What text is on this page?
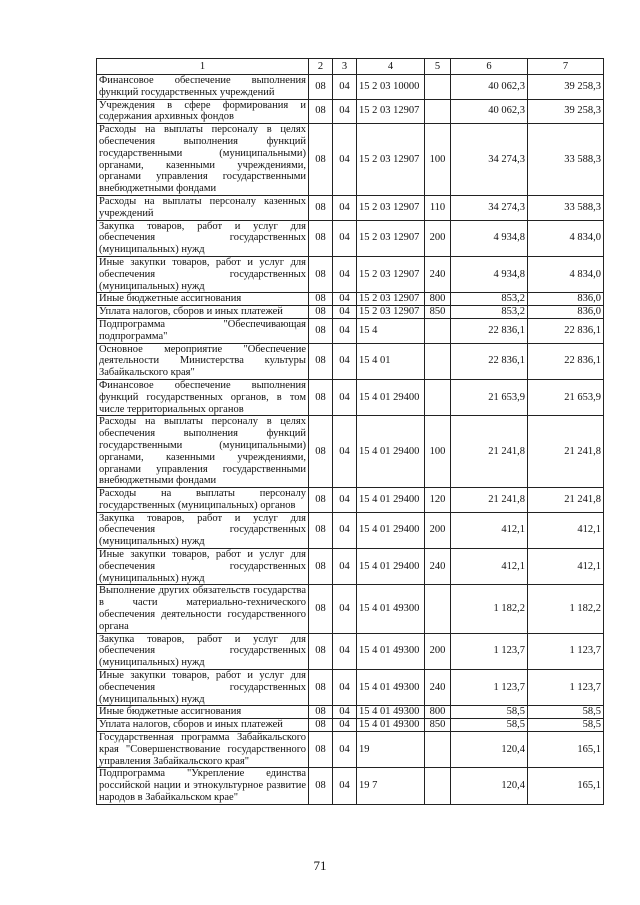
1	2	3	4	5	6	7
Финансовое обеспечение выполнения функций государственных учреждений	08	04	15 2 03 10000		40 062,3	39 258,3
Учреждения в сфере формирования и содержания архивных фондов	08	04	15 2 03 12907		40 062,3	39 258,3
Расходы на выплаты персоналу в целях обеспечения выполнения функций государственными (муниципальными) органами, казенными учреждениями, органами управления государственными внебюджетными фондами	08	04	15 2 03 12907	100	34 274,3	33 588,3
Расходы на выплаты персоналу казенных учреждений	08	04	15 2 03 12907	110	34 274,3	33 588,3
Закупка товаров, работ и услуг для обеспечения государственных (муниципальных) нужд	08	04	15 2 03 12907	200	4 934,8	4 834,0
Иные закупки товаров, работ и услуг для обеспечения государственных (муниципальных) нужд	08	04	15 2 03 12907	240	4 934,8	4 834,0
Иные бюджетные ассигнования	08	04	15 2 03 12907	800	853,2	836,0
Уплата налогов, сборов и иных платежей	08	04	15 2 03 12907	850	853,2	836,0
Подпрограмма "Обеспечивающая подпрограмма"	08	04	15 4		22 836,1	22 836,1
Основное мероприятие "Обеспечение деятельности Министерства культуры Забайкальского края"	08	04	15 4 01		22 836,1	22 836,1
Финансовое обеспечение выполнения функций государственных органов, в том числе территориальных органов	08	04	15 4 01 29400		21 653,9	21 653,9
Расходы на выплаты персоналу в целях обеспечения выполнения функций государственными (муниципальными) органами, казенными учреждениями, органами управления государственными внебюджетными фондами	08	04	15 4 01 29400	100	21 241,8	21 241,8
Расходы на выплаты персоналу государственных (муниципальных) органов	08	04	15 4 01 29400	120	21 241,8	21 241,8
Закупка товаров, работ и услуг для обеспечения государственных (муниципальных) нужд	08	04	15 4 01 29400	200	412,1	412,1
Иные закупки товаров, работ и услуг для обеспечения государственных (муниципальных) нужд	08	04	15 4 01 29400	240	412,1	412,1
Выполнение других обязательств государства в части материально-технического обеспечения деятельности государственного органа	08	04	15 4 01 49300		1 182,2	1 182,2
Закупка товаров, работ и услуг для обеспечения государственных (муниципальных) нужд	08	04	15 4 01 49300	200	1 123,7	1 123,7
Иные закупки товаров, работ и услуг для обеспечения государственных (муниципальных) нужд	08	04	15 4 01 49300	240	1 123,7	1 123,7
Иные бюджетные ассигнования	08	04	15 4 01 49300	800	58,5	58,5
Уплата налогов, сборов и иных платежей	08	04	15 4 01 49300	850	58,5	58,5
Государственная программа Забайкальского края "Совершенствование государственного управления Забайкальского края"	08	04	19		120,4	165,1
Подпрограмма "Укрепление единства российской нации и этнокультурное развитие народов в Забайкальском крае"	08	04	19 7		120,4	165,1
71
